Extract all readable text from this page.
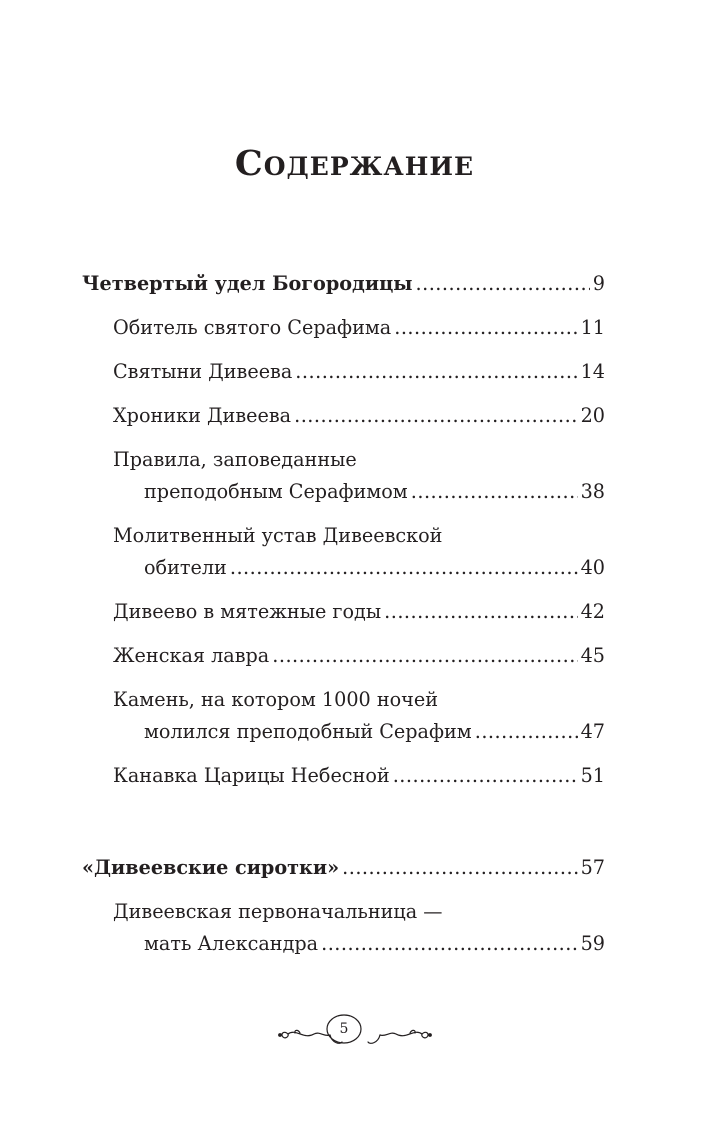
Содержание
Четвертый удел Богородицы .....	9
Обитель святого Серафима .....	11
Святыни Дивеева .....	14
Хроники Дивеева .....	20
Правила, заповеданные
преподобным Серафимом .....	38
Молитвенный устав Дивеевской
обители .....	40
Дивеево в мятежные годы .....	42
Женская лавра .....	45
Камень, на котором 1000 ночей
молился преподобный Серафим .....	47
Канавка Царицы Небесной .....	51
«Дивеевские сиротки» .....	57
Дивеевская первоначальница —
мать Александра .....	59
5
